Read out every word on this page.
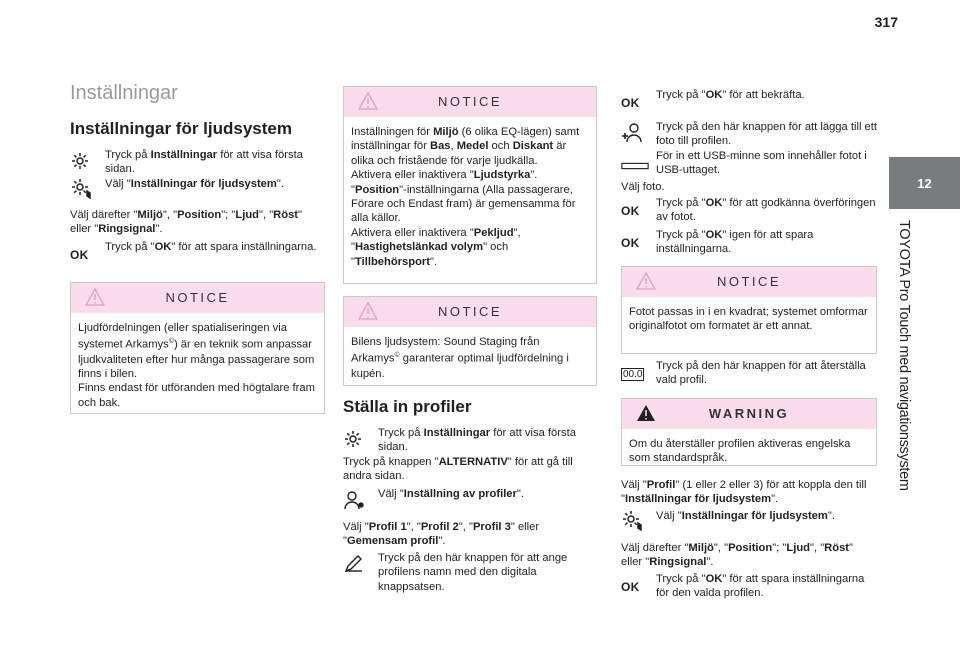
317
12
TOYOTA Pro Touch med navigationssystem
Inställningar
Inställningar för ljudsystem
Tryck på Inställningar för att visa första sidan.
Välj "Inställningar för ljudsystem".
Välj därefter "Miljö", "Position"; "Ljud", "Röst" eller "Ringsignal".
OK
Tryck på "OK" för att spara inställningarna.
NOTICE
Ljudfördelningen (eller spatialiseringen via systemet Arkamys©) är en teknik som anpassar ljudkvaliteten efter hur många passagerare som finns i bilen.
Finns endast för utföranden med högtalare fram och bak.
NOTICE
Inställningen för Miljö (6 olika EQ-lägen) samt inställningar för Bas, Medel och Diskant är olika och fristående för varje ljudkälla.
Aktivera eller inaktivera "Ljudstyrka".
"Position"-inställningarna (Alla passagerare, Förare och Endast fram) är gemensamma för alla källor.
Aktivera eller inaktivera "Pekljud", "Hastighetslänkad volym" och "Tillbehörsport".
NOTICE
Bilens ljudsystem: Sound Staging från Arkamys© garanterar optimal ljudfördelning i kupén.
Ställa in profiler
Tryck på Inställningar för att visa första sidan.
Tryck på knappen "ALTERNATIV" för att gå till andra sidan.
Välj "Inställning av profiler".
Välj "Profil 1", "Profil 2", "Profil 3" eller "Gemensam profil".
Tryck på den här knappen för att ange profilens namn med den digitala knappsatsen.
OK
Tryck på "OK" för att bekräfta.
Tryck på den här knappen för att lägga till ett foto till profilen.
För in ett USB-minne som innehåller fotot i USB-uttaget.
Välj foto.
OK
Tryck på "OK" för att godkänna överföringen av fotot.
OK
Tryck på "OK" igen för att spara inställningarna.
NOTICE
Fotot passas in i en kvadrat; systemet omformar originalfotot om formatet är ett annat.
00.0
Tryck på den här knappen för att återställa vald profil.
WARNING
Om du återställer profilen aktiveras engelska som standardspråk.
Välj "Profil" (1 eller 2 eller 3) för att koppla den till "Inställningar för ljudsystem".
Välj "Inställningar för ljudsystem".
Välj därefter "Miljö", "Position"; "Ljud", "Röst" eller "Ringsignal".
OK
Tryck på "OK" för att spara inställningarna för den valda profilen.
